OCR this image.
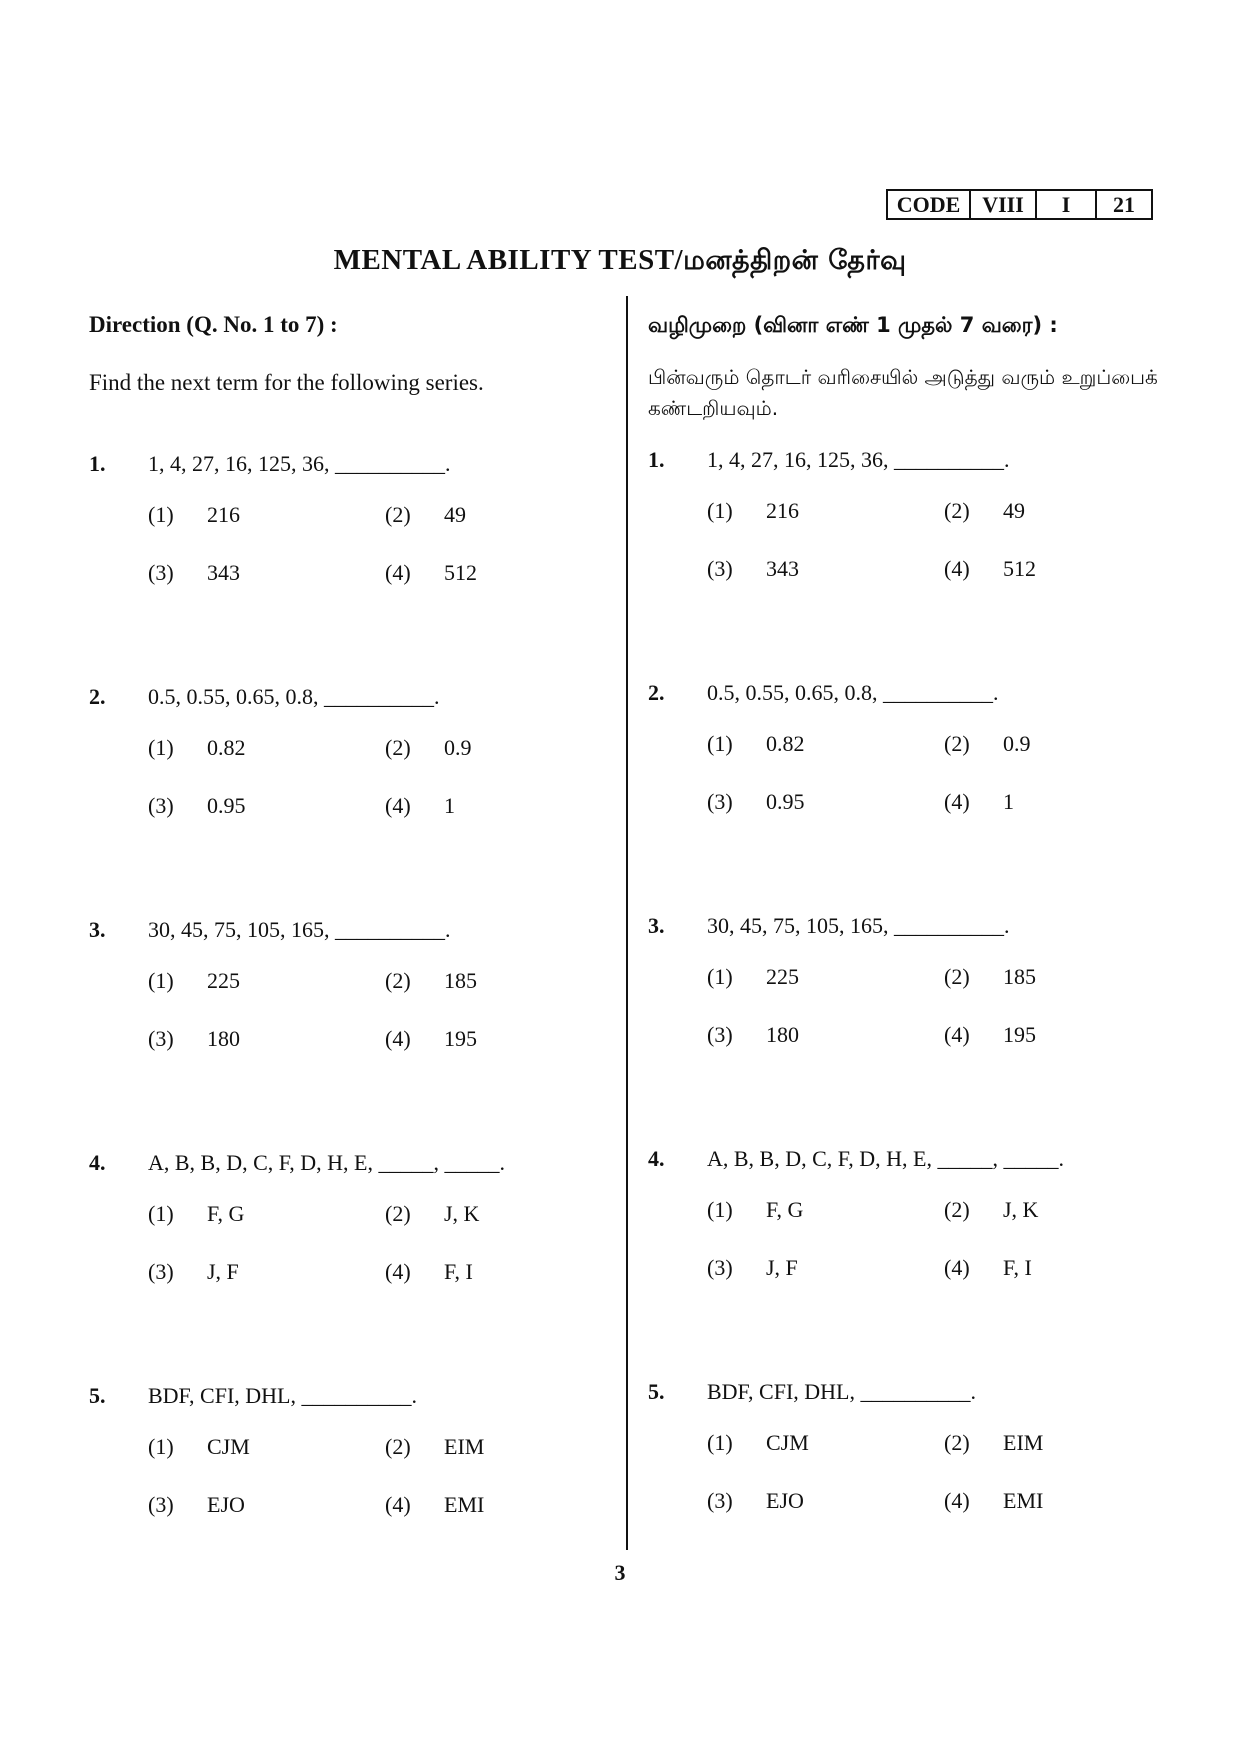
CODE VIII	I	21
MENTAL ABILITY TEST/மனத்திறன் தேர்வு
Direction (Q. No. 1 to 7) :
Find the next term for the following series.
1.	1, 4, 27, 16, 125, 36, __________.
(1)	216	(2)	49
(3)	343	(4)	512
2.	0.5, 0.55, 0.65, 0.8, __________.
(1)	0.82	(2)	0.9
(3)	0.95	(4)	1
3.	30, 45, 75, 105, 165, __________.
(1)	225	(2)	185
(3)	180	(4)	195
4.	A, B, B, D, C, F, D, H, E, _____, _____.
(1)	F, G	(2)	J, K
(3)	J, F	(4)	F, I
5.	BDF, CFI, DHL, __________.
(1)	CJM	(2)	EIM
(3)	EJO	(4)	EMI
வழிமுறை (வினா எண் 1 முதல் 7 வரை) :
பின்வரும் தொடர் வரிசையில் அடுத்து வரும் உறுப்பைக் கண்டறியவும்.
1.	1, 4, 27, 16, 125, 36, __________.
(1)	216	(2)	49
(3)	343	(4)	512
2.	0.5, 0.55, 0.65, 0.8, __________.
(1)	0.82	(2)	0.9
(3)	0.95	(4)	1
3.	30, 45, 75, 105, 165, __________.
(1)	225	(2)	185
(3)	180	(4)	195
4.	A, B, B, D, C, F, D, H, E, _____, _____.
(1)	F, G	(2)	J, K
(3)	J, F	(4)	F, I
5.	BDF, CFI, DHL, __________.
(1)	CJM	(2)	EIM
(3)	EJO	(4)	EMI
3
